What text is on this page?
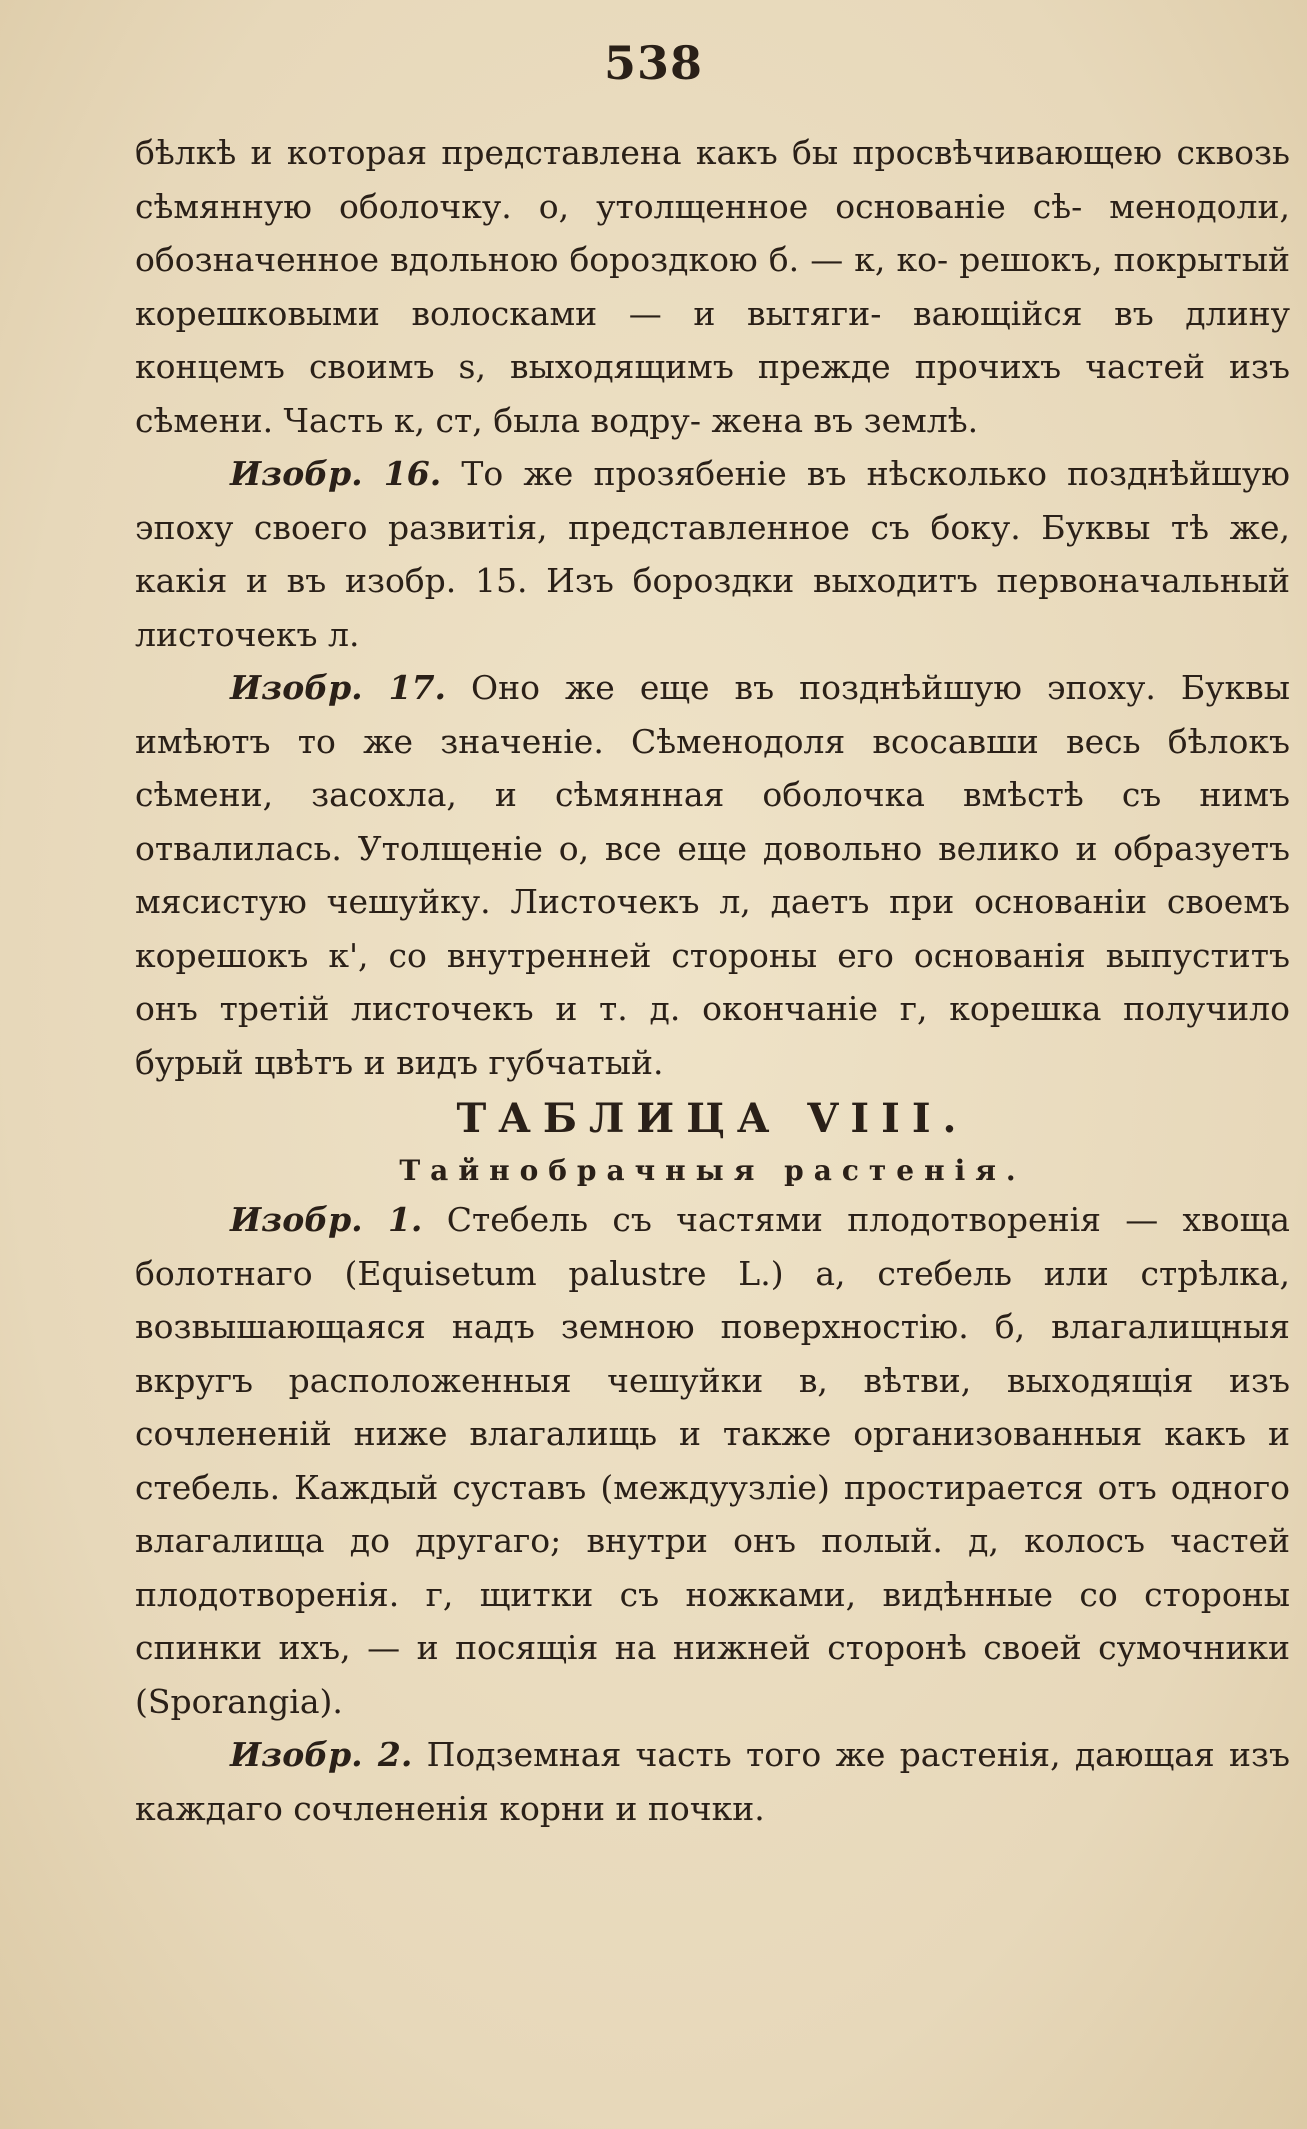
538

бѣлкѣ и которая представлена какъ бы просвѣчивающею сквозь сѣмянную оболочку. о, утолщенное основанiе сѣ- менодоли, обозначенное вдольною бороздкою б. — к, ко- решокъ, покрытый корешковыми волосками — и вытяги- вающiйся въ длину концемъ своимъ s, выходящимъ прежде прочихъ частей изъ сѣмени. Часть к, ст, была водру- жена въ землѣ.

Изобр. 16. То же прозябенiе въ нѣсколько позднѣйшую эпоху своего развитiя, представленное съ боку. Буквы тѣ же, какiя и въ изобр. 15. Изъ бороздки выходитъ первоначальный листочекъ л.

Изобр. 17. Оно же еще въ позднѣйшую эпоху. Буквы имѣютъ то же значенiе. Сѣменодоля всосавши весь бѣлокъ сѣмени, засохла, и сѣмянная оболочка вмѣстѣ съ нимъ отвалилась. Утолщенiе о, все еще довольно велико и образуетъ мясистую чешуйку. Листочекъ л, даетъ при основанiи своемъ корешокъ к', со внутренней стороны его основанiя выпуститъ онъ третiй листочекъ и т. д. окончанiе г, корешка получило бурый цвѣтъ и видъ губчатый.

ТАБЛИЦА VIII.

Тайнобрачныя растенiя.

Изобр. 1. Стебель съ частями плодотворенiя — хвоща болотнаго (Equisetum palustre L.) а, стебель или стрѣлка, возвышающаяся надъ земною поверхностiю. б, влагалищныя вкругъ расположенныя чешуйки в, вѣтви, выходящiя изъ сочлененiй ниже влагалищь и также организованныя какъ и стебель. Каждый суставъ (междуузлiе) простирается отъ одного влагалища до другаго; внутри онъ полый. д, колосъ частей плодотворенiя. г, щитки съ ножками, видѣнные со стороны спинки ихъ, — и посящiя на нижней сторонѣ своей сумочники (Sporangia).

Изобр. 2. Подземная часть того же растенiя, дающая изъ каждаго сочлененiя корни и почки.
